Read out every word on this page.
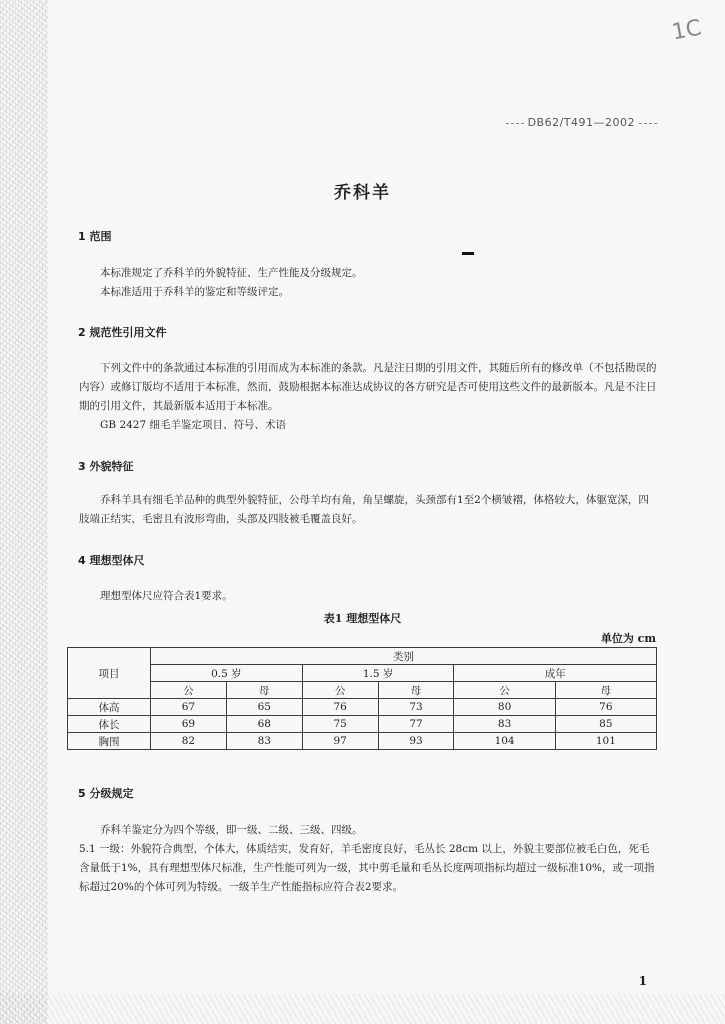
1C
DB62/T491—2002
乔科羊
1 范围

本标准规定了乔科羊的外貌特征、生产性能及分级规定。

本标准适用于乔科羊的鉴定和等级评定。

2 规范性引用文件

下列文件中的条款通过本标准的引用而成为本标准的条款。凡是注日期的引用文件，其随后所有的修改单（不包括勘误的内容）或修订版均不适用于本标准，然而，鼓励根据本标准达成协议的各方研究是否可使用这些文件的最新版本。凡是不注日期的引用文件，其最新版本适用于本标准。

GB 2427 细毛羊鉴定项目、符号、术语

3 外貌特征

乔科羊具有细毛羊品种的典型外貌特征，公母羊均有角，角呈螺旋，头颈部有1至2个横皱褶，体格较大，体躯宽深，四肢端正结实，毛密且有波形弯曲，头部及四肢被毛覆盖良好。

4 理想型体尺

理想型体尺应符合表1要求。

表1 理想型体尺
单位为 cm
项目	类别					
	0.5 岁		1.5 岁		成年	
	公	母	公	母	公	母
体高	67	65	76	73	80	76
体长	69	68	75	77	83	85
胸围	82	83	97	93	104	101
5 分级规定

乔科羊鉴定分为四个等级，即一级、二级、三级、四级。

5.1 一级：外貌符合典型，个体大，体质结实，发育好，羊毛密度良好，毛丛长 28cm 以上，外貌主要部位被毛白色，死毛含量低于1%，具有理想型体尺标准，生产性能可列为一级，其中剪毛量和毛丛长度两项指标均超过一级标准10%，或一项指标超过20%的个体可列为特级。一级羊生产性能指标应符合表2要求。

1
